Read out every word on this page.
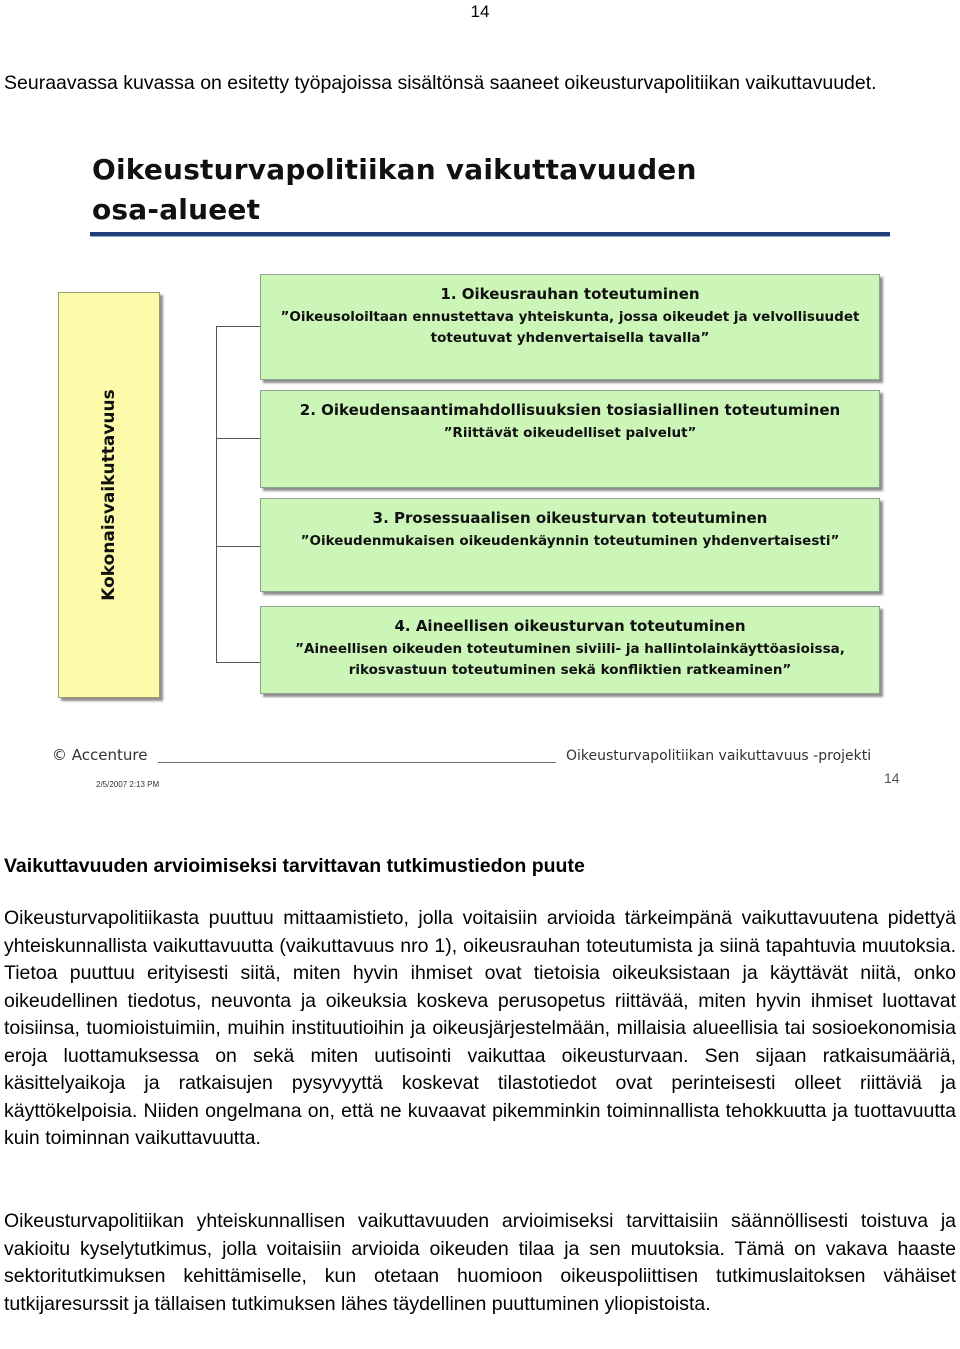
14
Seuraavassa kuvassa on esitetty työpajoissa sisältönsä saaneet oikeusturvapolitiikan vaikuttavuudet.
Oikeusturvapolitiikan vaikuttavuuden
osa-alueet
Kokonaisvaikuttavuus
1. Oikeusrauhan toteutuminen
”Oikeusoloiltaan ennustettava yhteiskunta, jossa oikeudet ja velvollisuudet toteutuvat yhdenvertaisella tavalla”
2. Oikeudensaantimahdollisuuksien tosiasiallinen toteutuminen
”Riittävät oikeudelliset palvelut”
3. Prosessuaalisen oikeusturvan toteutuminen
”Oikeudenmukaisen oikeudenkäynnin toteutuminen yhdenvertaisesti”
4. Aineellisen oikeusturvan toteutuminen
”Aineellisen oikeuden toteutuminen siviili- ja hallintolainkäyttöasioissa, rikosvastuun toteutuminen sekä konfliktien ratkeaminen”
© Accenture	Oikeusturvapolitiikan vaikuttavuus -projekti
2/5/2007 2:13 PM	14
Vaikuttavuuden arvioimiseksi tarvittavan tutkimustiedon puute
Oikeusturvapolitiikasta puuttuu mittaamistieto, jolla voitaisiin arvioida tärkeimpänä vaikuttavuutena pidettyä yhteiskunnallista vaikuttavuutta (vaikuttavuus nro 1), oikeusrauhan toteutumista ja siinä tapahtuvia muutoksia. Tietoa puuttuu erityisesti siitä, miten hyvin ihmiset ovat tietoisia oikeuksistaan ja käyttävät niitä, onko oikeudellinen tiedotus, neuvonta ja oikeuksia koskeva perusopetus riittävää, miten hyvin ihmiset luottavat toisiinsa, tuomioistuimiin, muihin instituutioihin ja oikeusjärjestelmään, millaisia alueellisia tai sosioekonomisia eroja luottamuksessa on sekä miten uutisointi vaikuttaa oikeusturvaan. Sen sijaan ratkaisumääriä, käsittelyaikoja ja ratkaisujen pysyvyyttä koskevat tilastotiedot ovat perinteisesti olleet riittäviä ja käyttökelpoisia. Niiden ongelmana on, että ne kuvaavat pikemminkin toiminnallista tehokkuutta ja tuottavuutta kuin toiminnan vaikuttavuutta.
Oikeusturvapolitiikan yhteiskunnallisen vaikuttavuuden arvioimiseksi tarvittaisiin säännöllisesti toistuva ja vakioitu kyselytutkimus, jolla voitaisiin arvioida oikeuden tilaa ja sen muutoksia. Tämä on vakava haaste sektoritutkimuksen kehittämiselle, kun otetaan huomioon oikeuspoliittisen tutkimuslaitoksen vähäiset tutkijaresurssit ja tällaisen tutkimuksen lähes täydellinen puuttuminen yliopistoista.
